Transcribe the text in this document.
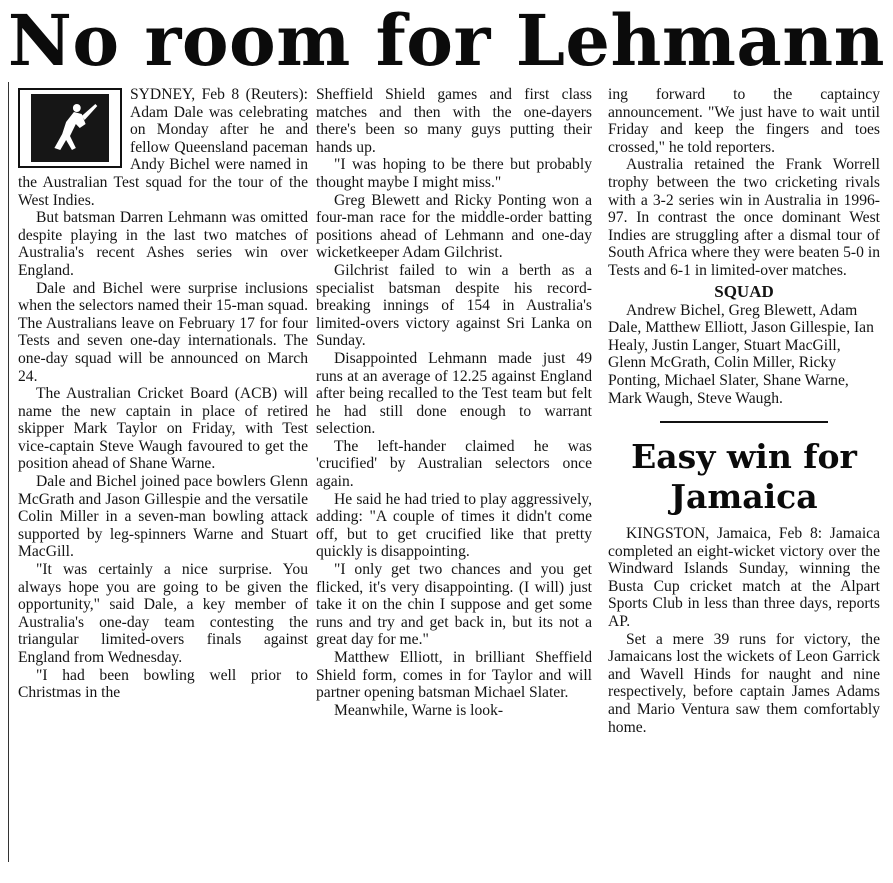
No room for Lehmann

SYDNEY, Feb 8 (Reuters): Adam Dale was celebrating on Monday after he and fellow Queensland paceman Andy Bichel were named in the Australian Test squad for the tour of the West Indies.

But batsman Darren Lehmann was omitted despite playing in the last two matches of Australia's recent Ashes series win over England.

Dale and Bichel were surprise inclusions when the selectors named their 15-man squad. The Australians leave on February 17 for four Tests and seven one-day internationals. The one-day squad will be announced on March 24.

The Australian Cricket Board (ACB) will name the new captain in place of retired skipper Mark Taylor on Friday, with Test vice-captain Steve Waugh favoured to get the position ahead of Shane Warne.

Dale and Bichel joined pace bowlers Glenn McGrath and Jason Gillespie and the versatile Colin Miller in a seven-man bowling attack supported by leg-spinners Warne and Stuart MacGill.

"It was certainly a nice surprise. You always hope you are going to be given the opportunity," said Dale, a key member of Australia's one-day team contesting the triangular limited-overs finals against England from Wednesday.

"I had been bowling well prior to Christmas in the

Sheffield Shield games and first class matches and then with the one-dayers there's been so many guys putting their hands up.

"I was hoping to be there but probably thought maybe I might miss."

Greg Blewett and Ricky Ponting won a four-man race for the middle-order batting positions ahead of Lehmann and one-day wicketkeeper Adam Gilchrist.

Gilchrist failed to win a berth as a specialist batsman despite his record-breaking innings of 154 in Australia's limited-overs victory against Sri Lanka on Sunday.

Disappointed Lehmann made just 49 runs at an average of 12.25 against England after being recalled to the Test team but felt he had still done enough to warrant selection.

The left-hander claimed he was 'crucified' by Australian selectors once again.

He said he had tried to play aggressively, adding: "A couple of times it didn't come off, but to get crucified like that pretty quickly is disappointing.

"I only get two chances and you get flicked, it's very disappointing. (I will) just take it on the chin I suppose and get some runs and try and get back in, but its not a great day for me."

Matthew Elliott, in brilliant Sheffield Shield form, comes in for Taylor and will partner opening batsman Michael Slater.

Meanwhile, Warne is look-

ing forward to the captaincy announcement. "We just have to wait until Friday and keep the fingers and toes crossed," he told reporters.

Australia retained the Frank Worrell trophy between the two cricketing rivals with a 3-2 series win in Australia in 1996-97. In contrast the once dominant West Indies are struggling after a dismal tour of South Africa where they were beaten 5-0 in Tests and 6-1 in limited-over matches.

SQUAD

Andrew Bichel, Greg Blewett, Adam Dale, Matthew Elliott, Jason Gillespie, Ian Healy, Justin Langer, Stuart MacGill, Glenn McGrath, Colin Miller, Ricky Ponting, Michael Slater, Shane Warne, Mark Waugh, Steve Waugh.

Easy win for Jamaica

KINGSTON, Jamaica, Feb 8: Jamaica completed an eight-wicket victory over the Windward Islands Sunday, winning the Busta Cup cricket match at the Alpart Sports Club in less than three days, reports AP.

Set a mere 39 runs for victory, the Jamaicans lost the wickets of Leon Garrick and Wavell Hinds for naught and nine respectively, before captain James Adams and Mario Ventura saw them comfortably home.
